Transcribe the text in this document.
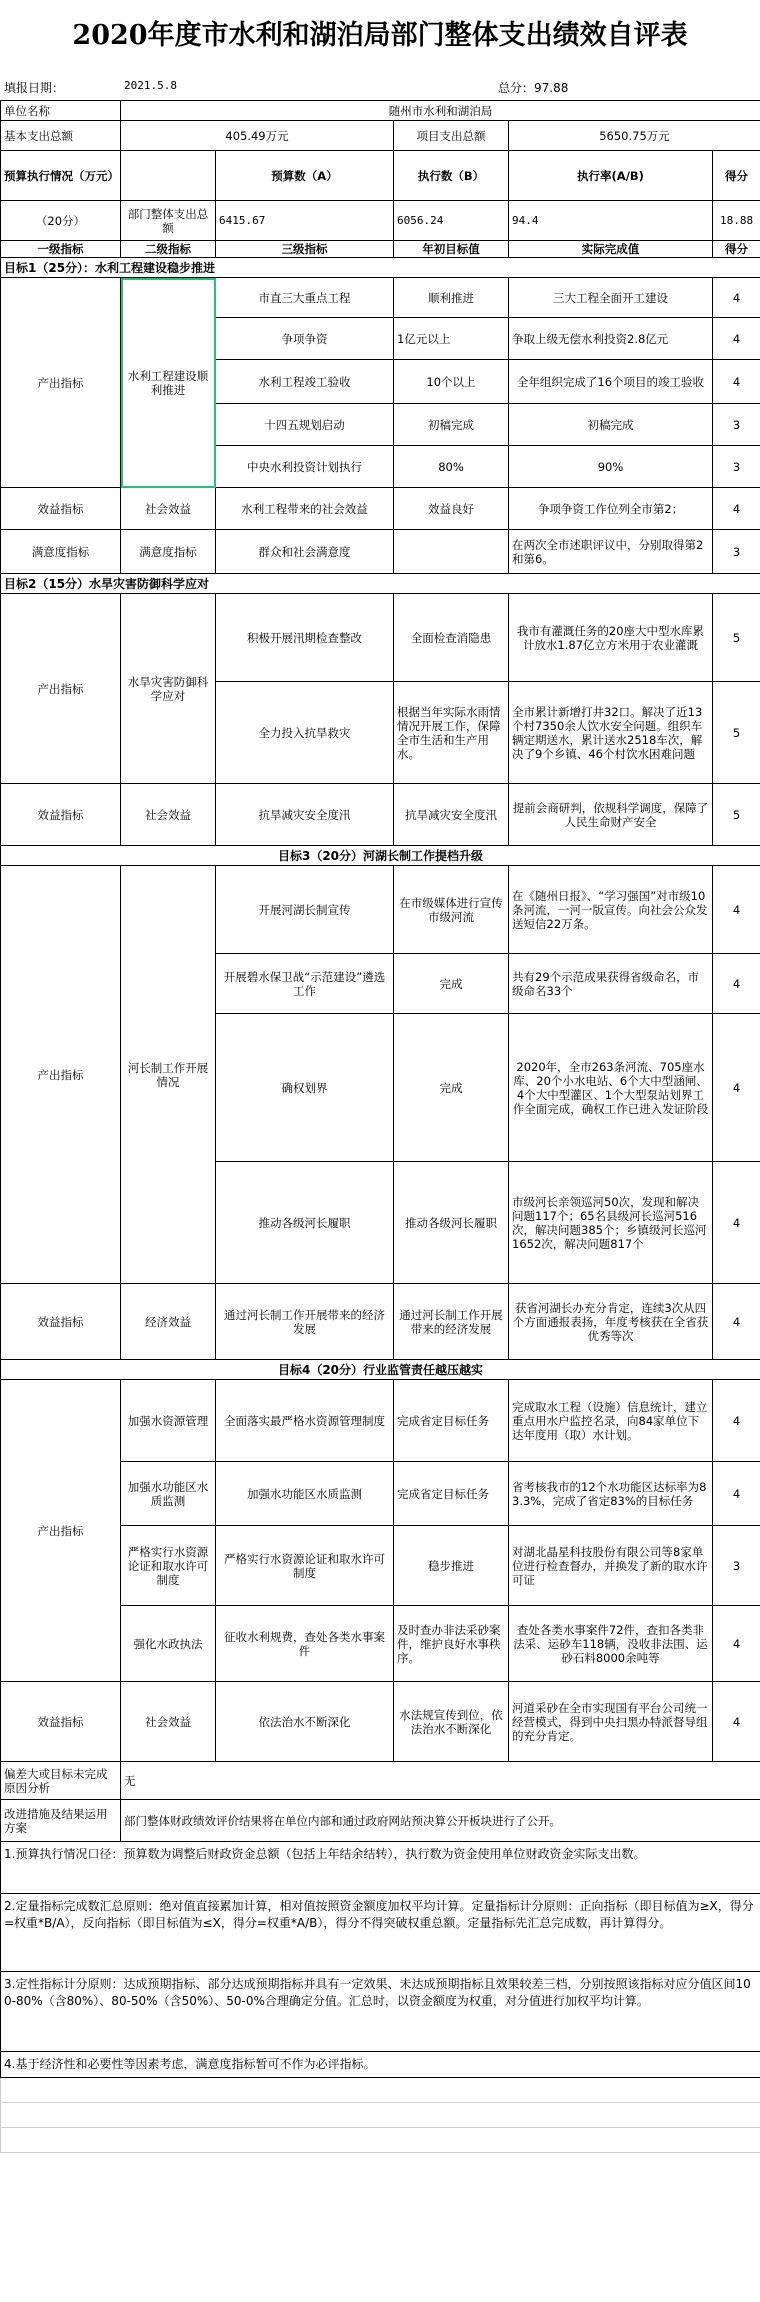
2020年度市水利和湖泊局部门整体支出绩效自评表
填报日期：	2021.5.8	总分：97.88
单位名称	随州市水利和湖泊局				
基本支出总额	405.49万元		项目支出总额	5650.75万元	
预算执行情况（万元）		预算数（A）	执行数（B）	执行率(A/B)	得分
（20分）	部门整体支出总额	6415.67	6056.24	94.4	18.88
一级指标	二级指标	三级指标	年初目标值	实际完成值	得分
目标1（25分）：水利工程建设稳步推进					
产出指标	水利工程建设顺利推进	市直三大重点工程	顺利推进	三大工程全面开工建设	4
		争项争资	1亿元以上	争取上级无偿水利投资2.8亿元	4
		水利工程竣工验收	10个以上	全年组织完成了16个项目的竣工验收	4
		十四五规划启动	初稿完成	初稿完成	3
		中央水利投资计划执行	80%	90%	3
效益指标	社会效益	水利工程带来的社会效益	效益良好	争项争资工作位列全市第2；	4
满意度指标	满意度指标	群众和社会满意度		在两次全市述职评议中，分别取得第2和第6。	3
目标2（15分）水旱灾害防御科学应对					
产出指标	水旱灾害防御科学应对	积极开展汛期检查整改	全面检查消隐患	我市有灌溉任务的20座大中型水库累计放水1.87亿立方米用于农业灌溉	5
		全力投入抗旱救灾	根据当年实际水雨情情况开展工作，保障全市生活和生产用水。	全市累计新增打井32口。解决了近13个村7350余人饮水安全问题。组织车辆定期送水，累计送水2518车次，解决了9个乡镇、46个村饮水困难问题	5
效益指标	社会效益	抗旱减灾安全度汛	抗旱减灾安全度汛	提前会商研判，依规科学调度，保障了人民生命财产安全	5
目标3（20分）河湖长制工作提档升级					
产出指标	河长制工作开展情况	开展河湖长制宣传	在市级媒体进行宣传市级河流	在《随州日报》、“学习强国”对市级10条河流，一河一版宣传。向社会公众发送短信22万条。	4
		开展碧水保卫战“示范建设”遴选工作	完成	共有29个示范成果获得省级命名，市级命名33个	4
		确权划界	完成	2020年，全市263条河流、705座水库、20个小水电站、6个大中型涵闸、4个大中型灌区、1个大型泵站划界工作全面完成，确权工作已进入发证阶段	4
		推动各级河长履职	推动各级河长履职	市级河长亲领巡河50次，发现和解决问题117个；65名县级河长巡河516次，解决问题385个；乡镇级河长巡河1652次，解决问题817个	4
效益指标	经济效益	通过河长制工作开展带来的经济发展	通过河长制工作开展带来的经济发展	获省河湖长办充分肯定，连续3次从四个方面通报表扬，年度考核获在全省获优秀等次	4
目标4（20分）行业监管责任越压越实					
产出指标	加强水资源管理	全面落实最严格水资源管理制度	完成省定目标任务	完成取水工程（设施）信息统计，建立重点用水户监控名录，向84家单位下达年度用（取）水计划。	4
	加强水功能区水质监测	加强水功能区水质监测	完成省定目标任务	省考核我市的12个水功能区达标率为83.3%，完成了省定83%的目标任务	4
	严格实行水资源论证和取水许可制度	严格实行水资源论证和取水许可制度	稳步推进	对湖北晶星科技股份有限公司等8家单位进行检查督办，并换发了新的取水许可证	3
	强化水政执法	征收水利规费，查处各类水事案件	及时查办非法采砂案件，维护良好水事秩序。	查处各类水事案件72件，查扣各类非法采、运砂车118辆，没收非法围、运砂石料8000余吨等	4
效益指标	社会效益	依法治水不断深化	水法规宣传到位，依法治水不断深化	河道采砂在全市实现国有平台公司统一经营模式，得到中央扫黑办特派督导组的充分肯定。	4
偏差大或目标未完成原因分析	无				
改进措施及结果运用方案	部门整体财政绩效评价结果将在单位内部和通过政府网站预决算公开板块进行了公开。				
1.预算执行情况口径：预算数为调整后财政资金总额（包括上年结余结转），执行数为资金使用单位财政资金实际支出数。					
2.定量指标完成数汇总原则：绝对值直接累加计算，相对值按照资金额度加权平均计算。定量指标计分原则：正向指标（即目标值为≥X，得分=权重*B/A），反向指标（即目标值为≤X，得分=权重*A/B），得分不得突破权重总额。定量指标先汇总完成数，再计算得分。					
3.定性指标计分原则：达成预期指标、部分达成预期指标并具有一定效果、未达成预期指标且效果较差三档，分别按照该指标对应分值区间100-80%（含80%）、80-50%（含50%）、50-0%合理确定分值。汇总时，以资金额度为权重，对分值进行加权平均计算。					
4.基于经济性和必要性等因素考虑，满意度指标暂可不作为必评指标。					
